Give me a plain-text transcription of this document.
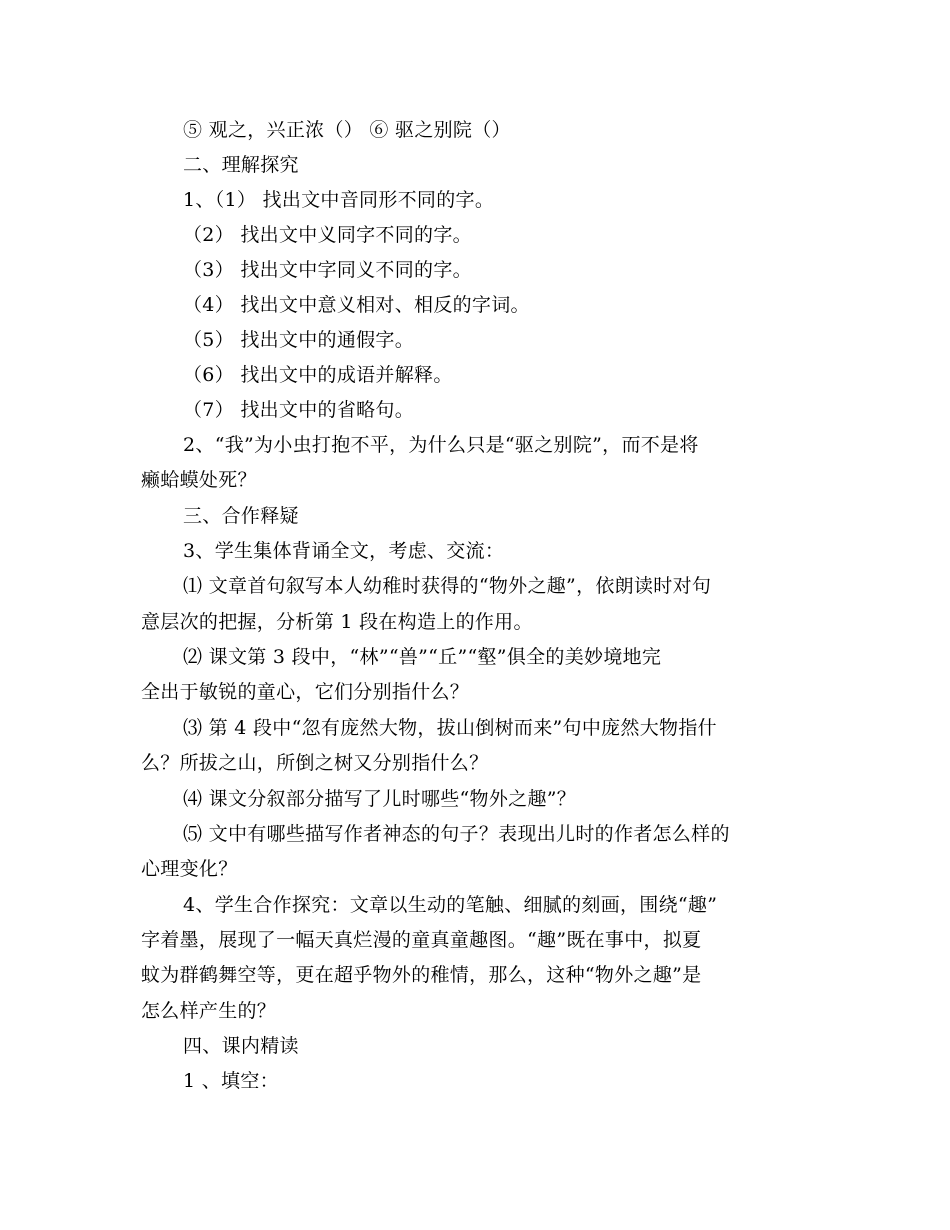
⑤ 观之，兴正浓（） ⑥ 驱之别院（）
二、理解探究
1、（1） 找出文中音同形不同的字。
（2） 找出文中义同字不同的字。
（3） 找出文中字同义不同的字。
（4） 找出文中意义相对、相反的字词。
（5） 找出文中的通假字。
（6） 找出文中的成语并解释。
（7） 找出文中的省略句。
2、“我”为小虫打抱不平，为什么只是“驱之别院”，而不是将
癞蛤蟆处死？
三、合作释疑
3、学生集体背诵全文，考虑、交流：
⑴ 文章首句叙写本人幼稚时获得的“物外之趣”，依朗读时对句
意层次的把握，分析第 1 段在构造上的作用。
⑵ 课文第 3 段中，“林”“兽”“丘”“壑”俱全的美妙境地完
全出于敏锐的童心，它们分别指什么？
⑶ 第 4 段中“忽有庞然大物，拔山倒树而来”句中庞然大物指什
么？所拔之山，所倒之树又分别指什么？
⑷ 课文分叙部分描写了儿时哪些“物外之趣”？
⑸ 文中有哪些描写作者神态的句子？表现出儿时的作者怎么样的
心理变化？
4、学生合作探究：文章以生动的笔触、细腻的刻画，围绕“趣”
字着墨，展现了一幅天真烂漫的童真童趣图。“趣”既在事中，拟夏
蚊为群鹤舞空等，更在超乎物外的稚情，那么，这种“物外之趣”是
怎么样产生的？
四、课内精读
1 、填空：
